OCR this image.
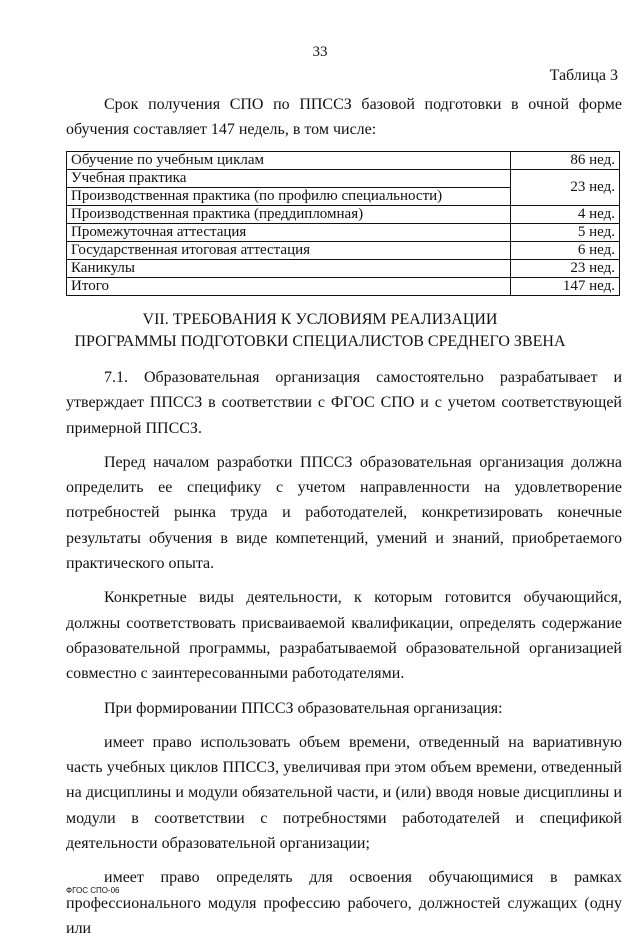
33
Таблица 3
Срок получения СПО по ППССЗ базовой подготовки в очной форме обучения составляет 147 недель, в том числе:
Обучение по учебным циклам	86 нед.
Учебная практика	23 нед.
Производственная практика (по профилю специальности)	
Производственная практика (преддипломная)	4 нед.
Промежуточная аттестация	5 нед.
Государственная итоговая аттестация	6 нед.
Каникулы	23 нед.
Итого	147 нед.
VII. ТРЕБОВАНИЯ К УСЛОВИЯМ РЕАЛИЗАЦИИ
ПРОГРАММЫ ПОДГОТОВКИ СПЕЦИАЛИСТОВ СРЕДНЕГО ЗВЕНА

7.1. Образовательная организация самостоятельно разрабатывает и утверждает ППССЗ в соответствии с ФГОС СПО и с учетом соответствующей примерной ППССЗ.

Перед началом разработки ППССЗ образовательная организация должна определить ее специфику с учетом направленности на удовлетворение потребностей рынка труда и работодателей, конкретизировать конечные результаты обучения в виде компетенций, умений и знаний, приобретаемого практического опыта.

Конкретные виды деятельности, к которым готовится обучающийся, должны соответствовать присваиваемой квалификации, определять содержание образовательной программы, разрабатываемой образовательной организацией совместно с заинтересованными работодателями.

При формировании ППССЗ образовательная организация:

имеет право использовать объем времени, отведенный на вариативную часть учебных циклов ППССЗ, увеличивая при этом объем времени, отведенный на дисциплины и модули обязательной части, и (или) вводя новые дисциплины и модули в соответствии с потребностями работодателей и спецификой деятельности образовательной организации;

имеет право определять для освоения обучающимися в рамках профессионального модуля профессию рабочего, должностей служащих (одну или

ФГОС СПО-06
